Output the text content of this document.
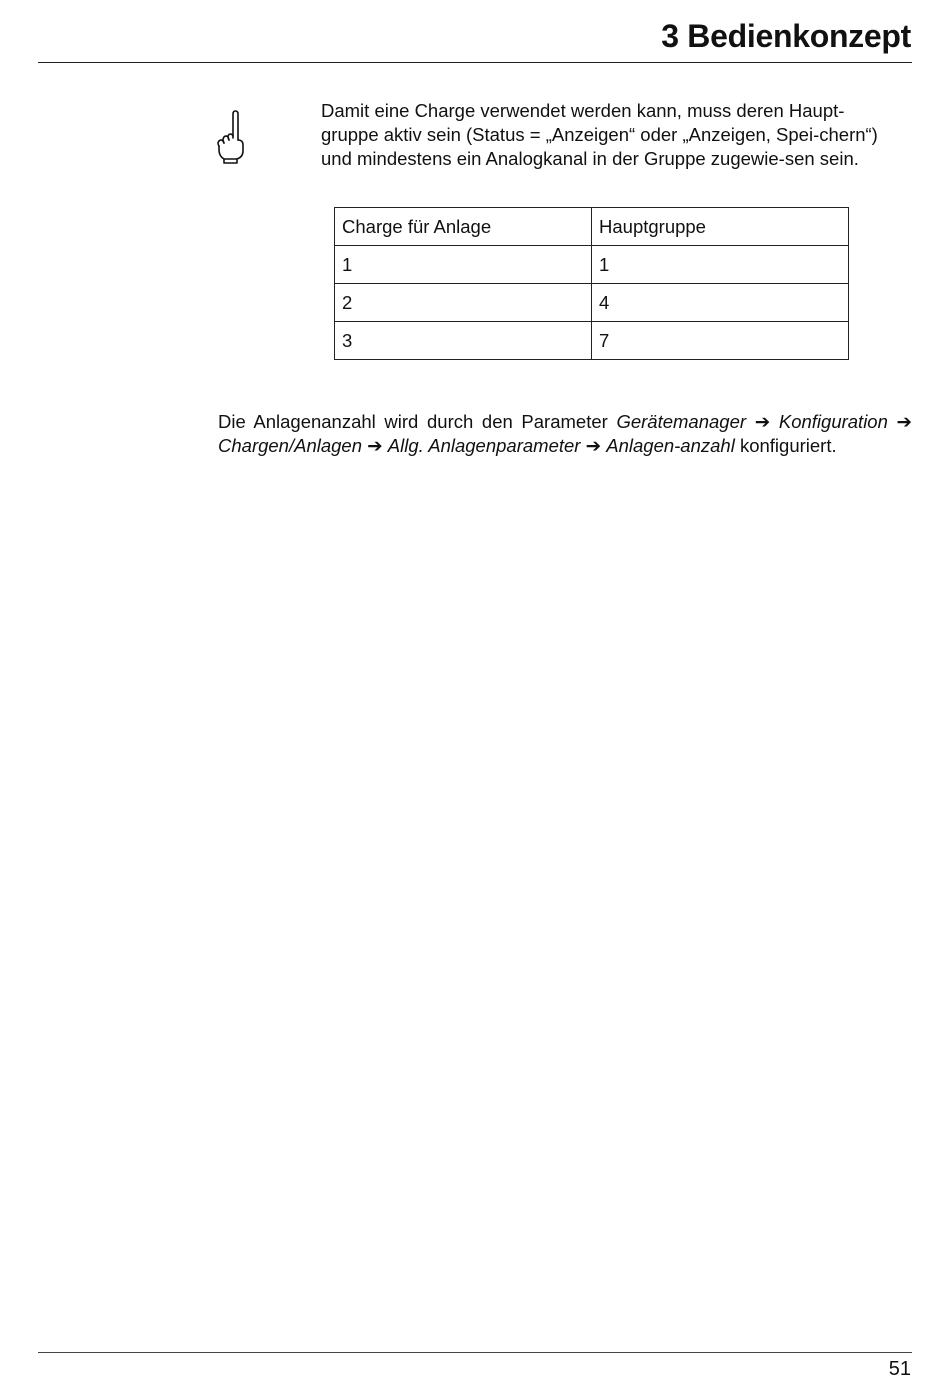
3 Bedienkonzept

Damit eine Charge verwendet werden kann, muss deren Haupt-gruppe aktiv sein (Status = „Anzeigen“ oder „Anzeigen, Spei-chern“) und mindestens ein Analogkanal in der Gruppe zugewie-sen sein.

Charge für Anlage	Hauptgruppe
1	1
2	4
3	7

Die Anlagenanzahl wird durch den Parameter Gerätemanager ➔ Konfiguration ➔ Chargen/Anlagen ➔ Allg. Anlagenparameter ➔ Anlagen-anzahl konfiguriert.

51
